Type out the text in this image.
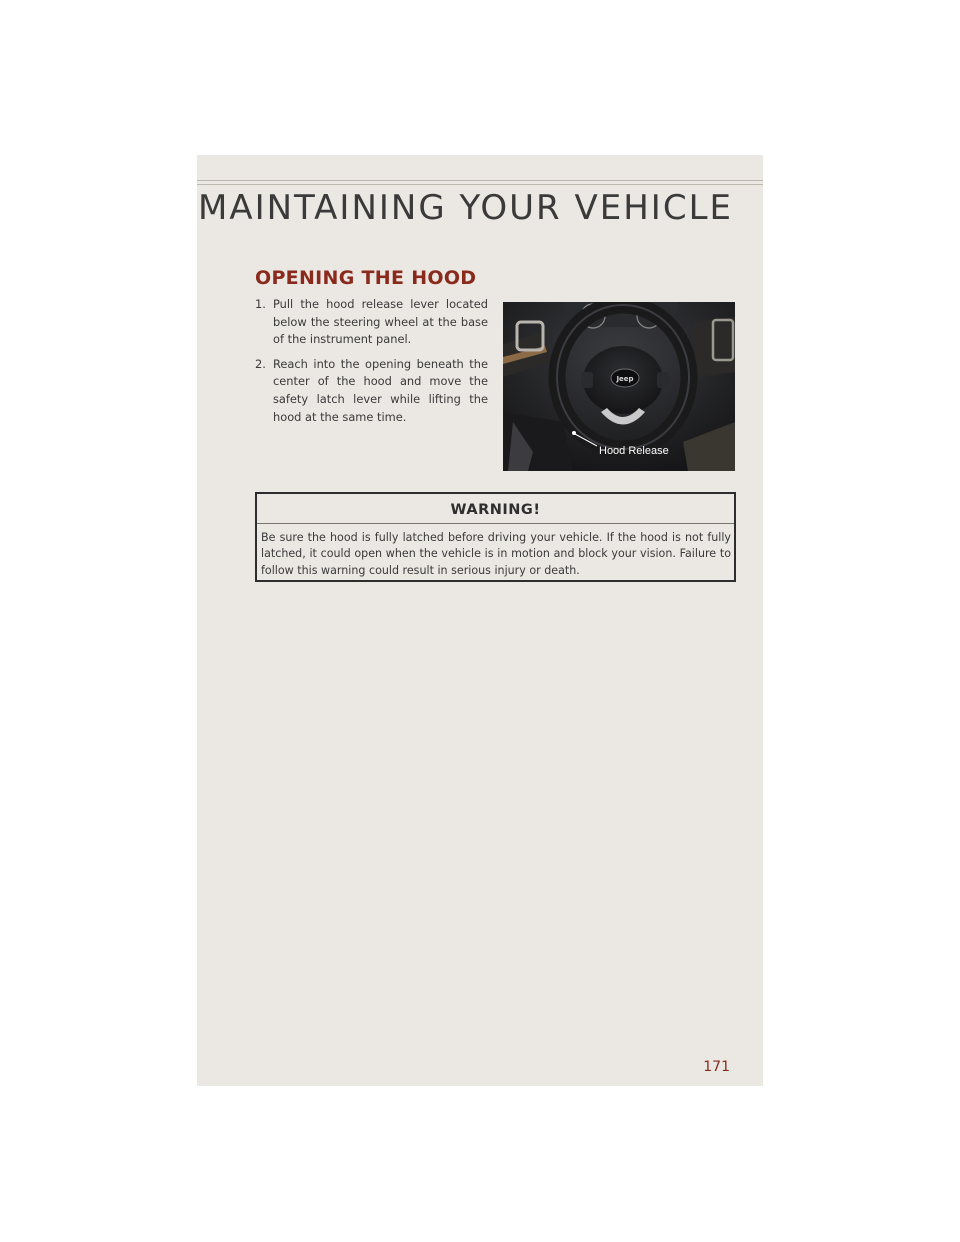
MAINTAINING YOUR VEHICLE
OPENING THE HOOD
1. Pull the hood release lever located below the steering wheel at the base of the instrument panel.
2. Reach into the opening beneath the center of the hood and move the safety latch lever while lifting the hood at the same time.
Jeep
Hood Release
WARNING!
Be sure the hood is fully latched before driving your vehicle. If the hood is not fully latched, it could open when the vehicle is in motion and block your vision. Failure to follow this warning could result in serious injury or death.
171
